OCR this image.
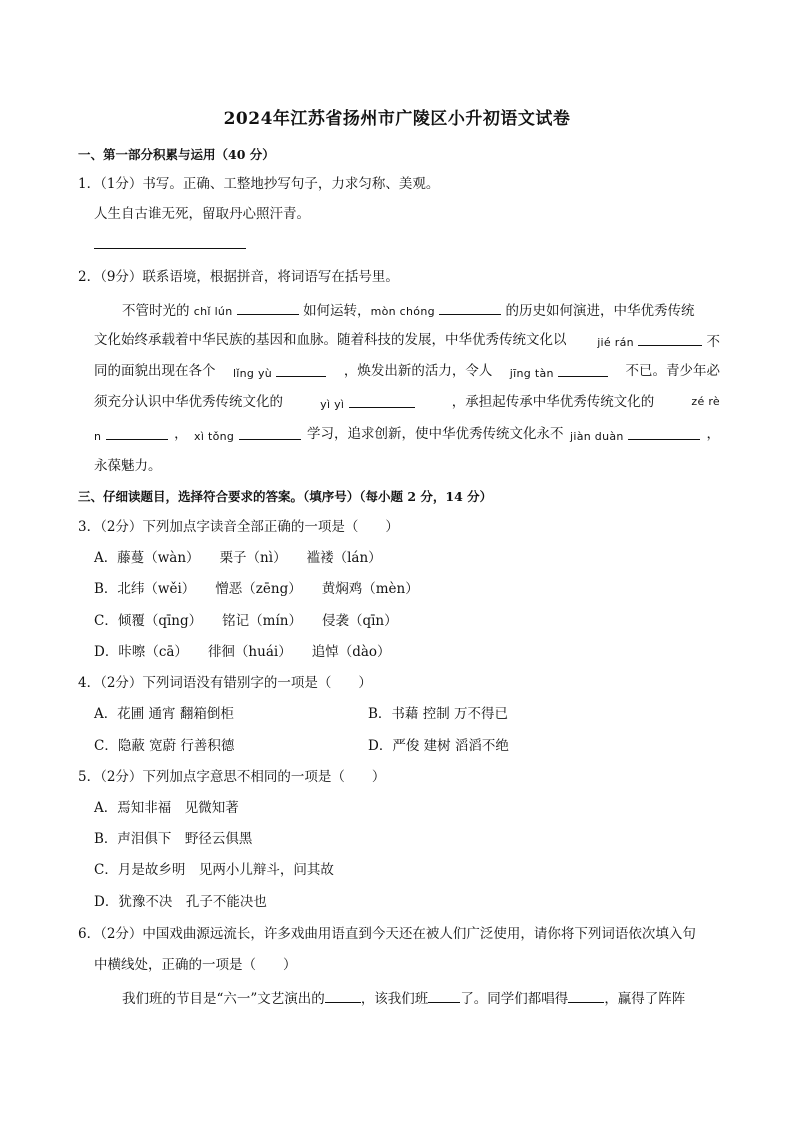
2024年江苏省扬州市广陵区小升初语文试卷
一、第一部分积累与运用（40 分）
1．（1分）书写。正确、工整地抄写句子，力求匀称、美观。
人生自古谁无死，留取丹心照汗青。
2．（9分）联系语境，根据拼音，将词语写在括号里。
不管时光的 chǐ lún	如何运转，mòn chóng	的历史如何演进，中华优秀传统
文化始终承载着中华民族的基因和血脉。随着科技的发展，中华优秀传统文化以	jié rán	不
同的面貌出现在各个 lǐng yù	，焕发出新的活力，令人 jīng tàn	不已。青少年必
须充分认识中华优秀传统文化的	yì yì	，承担起传承中华优秀传统文化的	zé rè
n	， xì tǒng	学习，追求创新，使中华优秀传统文化永不 jiàn duàn	，
永葆魅力。
三、仔细读题目，选择符合要求的答案。（填序号）（每小题 2 分，14 分）
3．（2分）下列加点字读音全部正确的一项是（　　）
A．藤蔓（wàn） 栗子（nì） 褴褛（lán）
B．北纬（wěi） 憎恶（zēng） 黄焖鸡（mèn）
C．倾覆（qīng） 铭记（mín） 侵袭（qīn）
D．咔嚓（cā） 徘徊（huái） 追悼（dào）
4．（2分）下列词语没有错别字的一项是（　　）
A．花圃 通宵 翻箱倒柜	B．书藉 控制 万不得已
C．隐蔽 宽蔚 行善积德	D．严俊 建树 滔滔不绝
5．（2分）下列加点字意思不相同的一项是（　　）
A．焉知非福　见微知著
B．声泪俱下　野径云俱黑
C．月是故乡明　见两小儿辩斗，问其故
D．犹豫不决　孔子不能决也
6．（2分）中国戏曲源远流长，许多戏曲用语直到今天还在被人们广泛使用，请你将下列词语依次填入句
中横线处，正确的一项是（　　）
我们班的节目是“六一”文艺演出的	，该我们班 了。同学们都唱得	，赢得了阵阵
